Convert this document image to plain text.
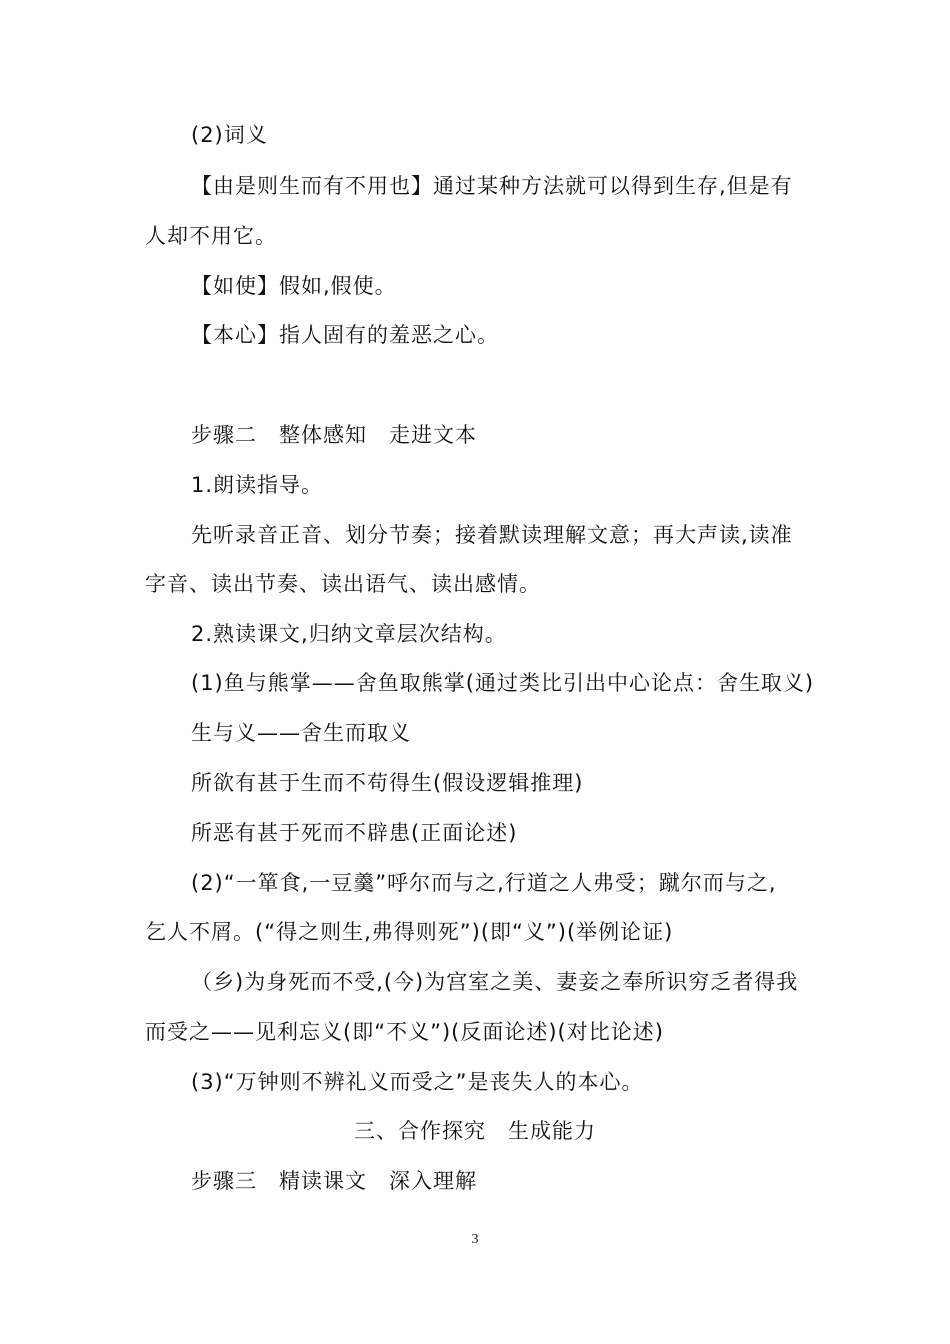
(2)词义
【由是则生而有不用也】通过某种方法就可以得到生存,但是有
人却不用它。
【如使】假如,假使。
【本心】指人固有的羞恶之心。
步骤二　整体感知　走进文本
1.朗读指导。
先听录音正音、划分节奏；接着默读理解文意；再大声读,读准
字音、读出节奏、读出语气、读出感情。
2.熟读课文,归纳文章层次结构。
(1)鱼与熊掌——舍鱼取熊掌(通过类比引出中心论点：舍生取义)
生与义——舍生而取义
所欲有甚于生而不苟得生(假设逻辑推理)
所恶有甚于死而不辟患(正面论述)
(2)“一箪食,一豆羹”呼尔而与之,行道之人弗受；蹴尔而与之,
乞人不屑。(“得之则生,弗得则死”)(即“义”)(举例论证)
（乡)为身死而不受,(今)为宫室之美、妻妾之奉所识穷乏者得我
而受之——见利忘义(即“不义”)(反面论述)(对比论述)
(3)“万钟则不辨礼义而受之”是丧失人的本心。
三、合作探究　生成能力
步骤三　精读课文　深入理解
3
